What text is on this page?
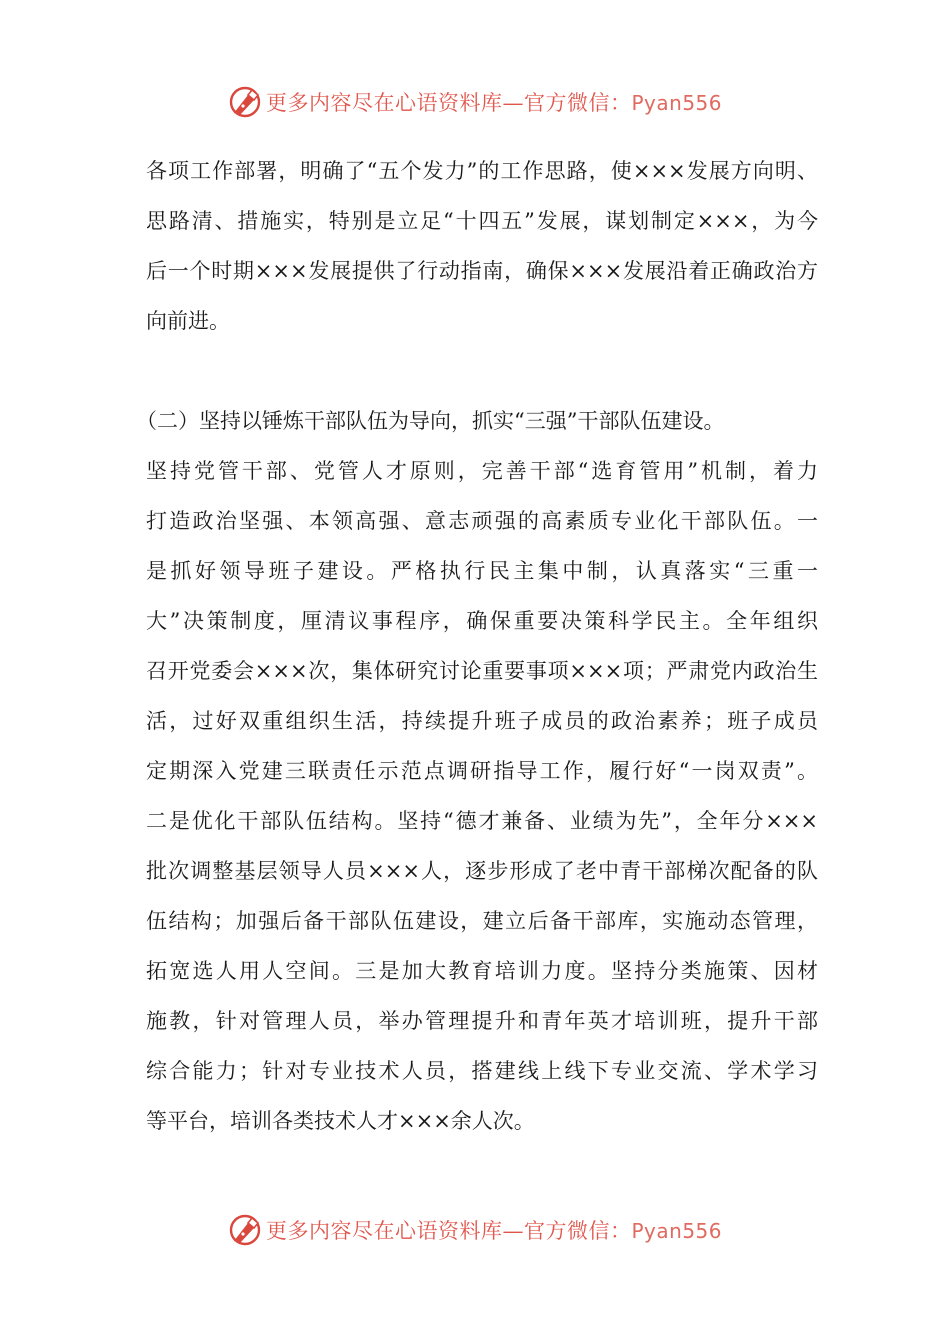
更多内容尽在心语资料库—官方微信：Pyan556
各项工作部署，明确了“五个发力”的工作思路，使×××发展方向明、
思路清、措施实，特别是立足“十四五”发展，谋划制定×××，为今
后一个时期×××发展提供了行动指南，确保×××发展沿着正确政治方
向前进。
（二）坚持以锤炼干部队伍为导向，抓实“三强”干部队伍建设。
坚持党管干部、党管人才原则，完善干部“选育管用”机制，着力
打造政治坚强、本领高强、意志顽强的高素质专业化干部队伍。一
是抓好领导班子建设。严格执行民主集中制，认真落实“三重一
大”决策制度，厘清议事程序，确保重要决策科学民主。全年组织
召开党委会×××次，集体研究讨论重要事项×××项；严肃党内政治生
活，过好双重组织生活，持续提升班子成员的政治素养；班子成员
定期深入党建三联责任示范点调研指导工作，履行好“一岗双责”。
二是优化干部队伍结构。坚持“德才兼备、业绩为先”，全年分×××
批次调整基层领导人员×××人，逐步形成了老中青干部梯次配备的队
伍结构；加强后备干部队伍建设，建立后备干部库，实施动态管理，
拓宽选人用人空间。三是加大教育培训力度。坚持分类施策、因材
施教，针对管理人员，举办管理提升和青年英才培训班，提升干部
综合能力；针对专业技术人员，搭建线上线下专业交流、学术学习
等平台，培训各类技术人才×××余人次。
更多内容尽在心语资料库—官方微信：Pyan556
